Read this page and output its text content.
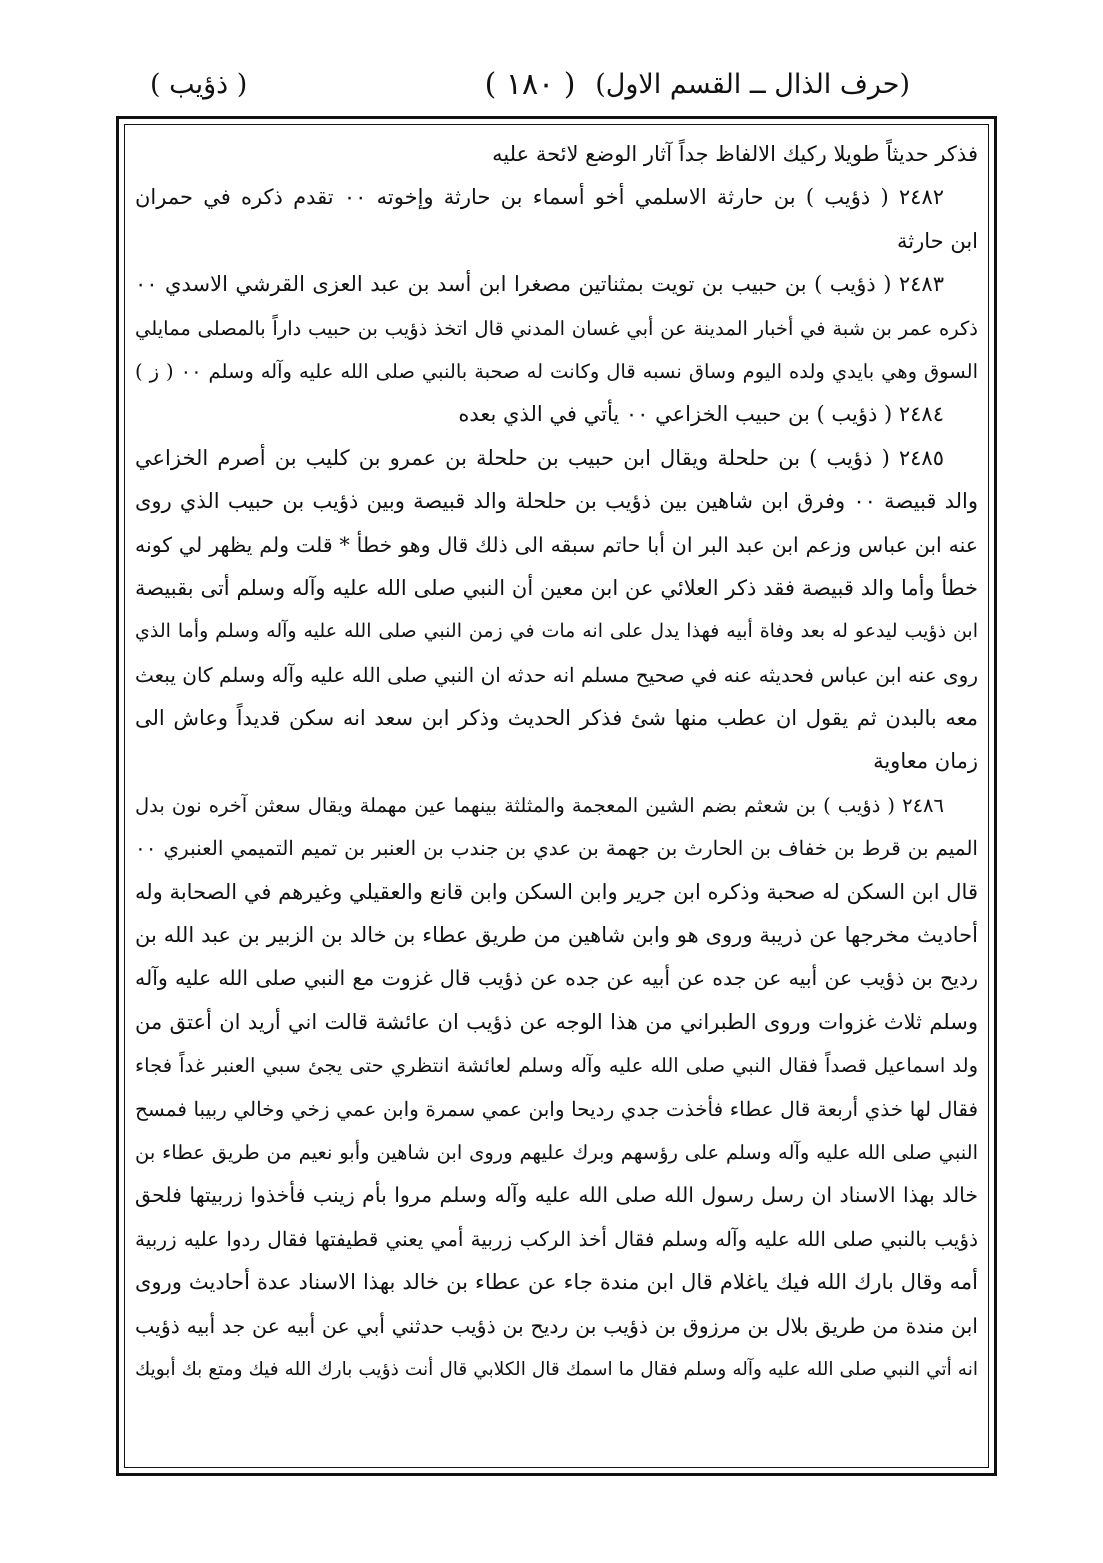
(حرف الذال ــ القسم الاول)
( ١٨٠ )
( ذؤيب )
فذكر حديثاً طويلا ركيك الالفاظ جداً آثار الوضع لائحة عليه
٢٤٨٢ ( ذؤيب ) بن حارثة الاسلمي أخو أسماء بن حارثة وإخوته ٠٠ تقدم ذكره في حمران
ابن حارثة
٢٤٨٣ ( ذؤيب ) بن حبيب بن تويت بمثناتين مصغرا ابن أسد بن عبد العزى القرشي الاسدي ٠٠
ذكره عمر بن شبة في أخبار المدينة عن أبي غسان المدني قال اتخذ ذؤيب بن حبيب داراً بالمصلى ممايلي
السوق وهي بايدي ولده اليوم وساق نسبه قال وكانت له صحبة بالنبي صلى الله عليه وآله وسلم ٠٠ ( ز )
٢٤٨٤ ( ذؤيب ) بن حبيب الخزاعي ٠٠ يأتي في الذي بعده
٢٤٨٥ ( ذؤيب ) بن حلحلة ويقال ابن حبيب بن حلحلة بن عمرو بن كليب بن أصرم الخزاعي
والد قبيصة ٠٠ وفرق ابن شاهين بين ذؤيب بن حلحلة والد قبيصة وبين ذؤيب بن حبيب الذي روى
عنه ابن عباس وزعم ابن عبد البر ان أبا حاتم سبقه الى ذلك قال وهو خطأ * قلت ولم يظهر لي كونه
خطأ وأما والد قبيصة فقد ذكر العلائي عن ابن معين أن النبي صلى الله عليه وآله وسلم أتى بقبيصة
ابن ذؤيب ليدعو له بعد وفاة أبيه فهذا يدل على انه مات في زمن النبي صلى الله عليه وآله وسلم وأما الذي
روى عنه ابن عباس فحديثه عنه في صحيح مسلم انه حدثه ان النبي صلى الله عليه وآله وسلم كان يبعث
معه بالبدن ثم يقول ان عطب منها شئ فذكر الحديث وذكر ابن سعد انه سكن قديداً وعاش الى
زمان معاوية
٢٤٨٦ ( ذؤيب ) بن شعثم بضم الشين المعجمة والمثلثة بينهما عين مهملة ويقال سعثن آخره نون بدل
الميم بن قرط بن خفاف بن الحارث بن جهمة بن عدي بن جندب بن العنبر بن تميم التميمي العنبري ٠٠
قال ابن السكن له صحبة وذكره ابن جرير وابن السكن وابن قانع والعقيلي وغيرهم في الصحابة وله
أحاديث مخرجها عن ذريبة وروى هو وابن شاهين من طريق عطاء بن خالد بن الزبير بن عبد الله بن
رديح بن ذؤيب عن أبيه عن جده عن أبيه عن جده عن ذؤيب قال غزوت مع النبي صلى الله عليه وآله
وسلم ثلاث غزوات وروى الطبراني من هذا الوجه عن ذؤيب ان عائشة قالت اني أريد ان أعتق من
ولد اسماعيل قصداً فقال النبي صلى الله عليه وآله وسلم لعائشة انتظري حتى يجئ سبي العنبر غداً فجاء
فقال لها خذي أربعة قال عطاء فأخذت جدي رديحا وابن عمي سمرة وابن عمي زخي وخالي ربيبا فمسح
النبي صلى الله عليه وآله وسلم على رؤسهم وبرك عليهم وروى ابن شاهين وأبو نعيم من طريق عطاء بن
خالد بهذا الاسناد ان رسل رسول الله صلى الله عليه وآله وسلم مروا بأم زينب فأخذوا زربيتها فلحق
ذؤيب بالنبي صلى الله عليه وآله وسلم فقال أخذ الركب زربية أمي يعني قطيفتها فقال ردوا عليه زربية
أمه وقال بارك الله فيك ياغلام قال ابن مندة جاء عن عطاء بن خالد بهذا الاسناد عدة أحاديث وروى
ابن مندة من طريق بلال بن مرزوق بن ذؤيب بن رديح بن ذؤيب حدثني أبي عن أبيه عن جد أبيه ذؤيب
انه أتي النبي صلى الله عليه وآله وسلم فقال ما اسمك قال الكلابي قال أنت ذؤيب بارك الله فيك ومتع بك أبويك
